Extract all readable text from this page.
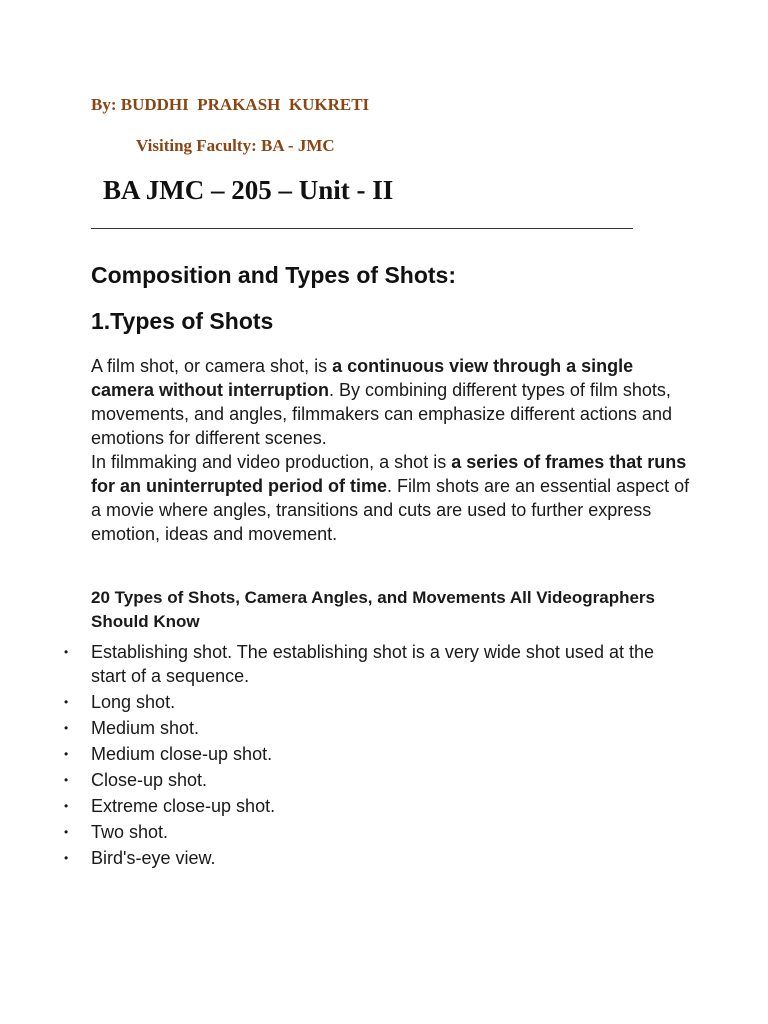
By: BUDDHI  PRAKASH  KUKRETI
Visiting Faculty: BA - JMC
BA JMC – 205 – Unit - II
Composition and Types of Shots:
1.Types of Shots

A film shot, or camera shot, is a continuous view through a single camera without interruption. By combining different types of film shots, movements, and angles, filmmakers can emphasize different actions and emotions for different scenes.

In filmmaking and video production, a shot is a series of frames that runs for an uninterrupted period of time. Film shots are an essential aspect of a movie where angles, transitions and cuts are used to further express emotion, ideas and movement.

20 Types of Shots, Camera Angles, and Movements All Videographers Should Know
• Establishing shot. The establishing shot is a very wide shot used at the start of a sequence.
• Long shot.
• Medium shot.
• Medium close-up shot.
• Close-up shot.
• Extreme close-up shot.
• Two shot.
• Bird's-eye view.
